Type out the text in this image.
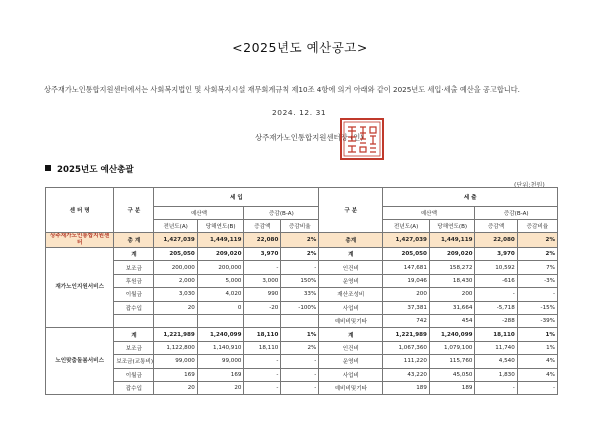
<2025년도 예산공고>
상주재가노인통합지원센터에서는 사회복지법인 및 사회복지시설 재무회계규칙 제10조 4항에 의거 아래와 같이 2025년도 세입·세출 예산을 공고합니다.
2024. 12. 31
상주재가노인통합지원센터장 (인)
2025년도 예산총괄
(단위:천원)
센 터 명	구 분	세 입				구 분	세 출			
		예산액		증감(B-A)			예산액		증감(B-A)	
		전년도(A)	당해연도(B)	증감액	증감비율		전년도(A)	당해연도(B)	증감액	증감비율
상주재가노인통합지원센터	총 계	1,427,039	1,449,119	22,080	2%	총계	1,427,039	1,449,119	22,080	2%
재가노인지원서비스	계	205,050	209,020	3,970	2%	계	205,050	209,020	3,970	2%
	보조금	200,000	200,000	-	-	인건비	147,681	158,272	10,592	7%
	후원금	2,000	5,000	3,000	150%	운영비	19,046	18,430	-616	-3%
	이월금	3,030	4,020	990	33%	재산조성비	200	200	-	-
	잡수입	20	0	-20	-100%	사업비	37,381	31,664	-5,718	-15%
						예비비및기타	742	454	-288	-39%
노인맞춤돌봄서비스	계	1,221,989	1,240,099	18,110	1%	계	1,221,989	1,240,099	18,110	1%
	보조금	1,122,800	1,140,910	18,110	2%	인건비	1,067,360	1,079,100	11,740	1%
	보조금(교통비)	99,000	99,000	-	-	운영비	111,220	115,760	4,540	4%
	이월금	169	169	-	-	사업비	43,220	45,050	1,830	4%
	잡수입	20	20	-	-	예비비및기타	189	189	-	-
